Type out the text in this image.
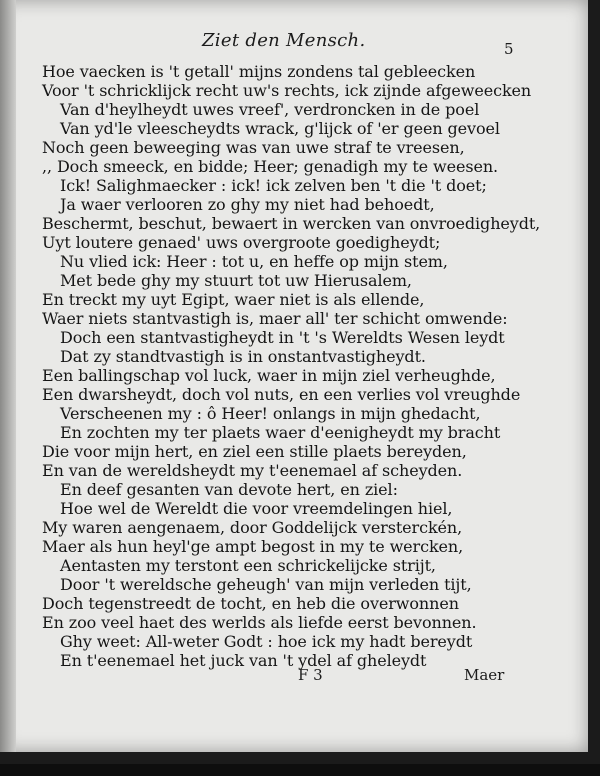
Ziet den Mensch.	5
Hoe vaecken is 't getall' mijns zondens tal gebleecken
Voor 't schricklijck recht uw's rechts, ick zijnde afgeweecken
Van d'heylheydt uwes vreef', verdroncken in de poel
Van yd'le vleescheydts wrack, g'lijck of 'er geen gevoel
Noch geen beweeging was van uwe straf te vreesen,
,, Doch smeeck, en bidde; Heer; genadigh my te weesen.
Ick! Salighmaecker : ick! ick zelven ben 't die 't doet;
Ja waer verlooren zo ghy my niet had behoedt,
Beschermt, beschut, bewaert in wercken van onvroedigheydt,
Uyt loutere genaed' uws overgroote goedigheydt;
Nu vlied ick: Heer : tot u, en heffe op mijn stem,
Met bede ghy my stuurt tot uw Hierusalem,
En treckt my uyt Egipt, waer niet is als ellende,
Waer niets stantvastigh is, maer all' ter schicht omwende:
Doch een stantvastigheydt in 't 's Wereldts Wesen leydt
Dat zy standtvastigh is in onstantvastigheydt.
Een ballingschap vol luck, waer in mijn ziel verheughde,
Een dwarsheydt, doch vol nuts, en een verlies vol vreughde
Verscheenen my : ô Heer! onlangs in mijn ghedacht,
En zochten my ter plaets waer d'eenigheydt my bracht
Die voor mijn hert, en ziel een stille plaets bereyden,
En van de wereldsheydt my t'eenemael af scheyden.
En deef gesanten van devote hert, en ziel:
Hoe wel de Wereldt die voor vreemdelingen hiel,
My waren aengenaem, door Goddelijck versterckén,
Maer als hun heyl'ge ampt begost in my te wercken,
Aentasten my terstont een schrickelijcke strijt,
Door 't wereldsche geheugh' van mijn verleden tijt,
Doch tegenstreedt de tocht, en heb die overwonnen
En zoo veel haet des werlds als liefde eerst bevonnen.
Ghy weet: All-weter Godt : hoe ick my hadt bereydt
En t'eenemael het juck van 't ydel af gheleydt
F 3	Maer
